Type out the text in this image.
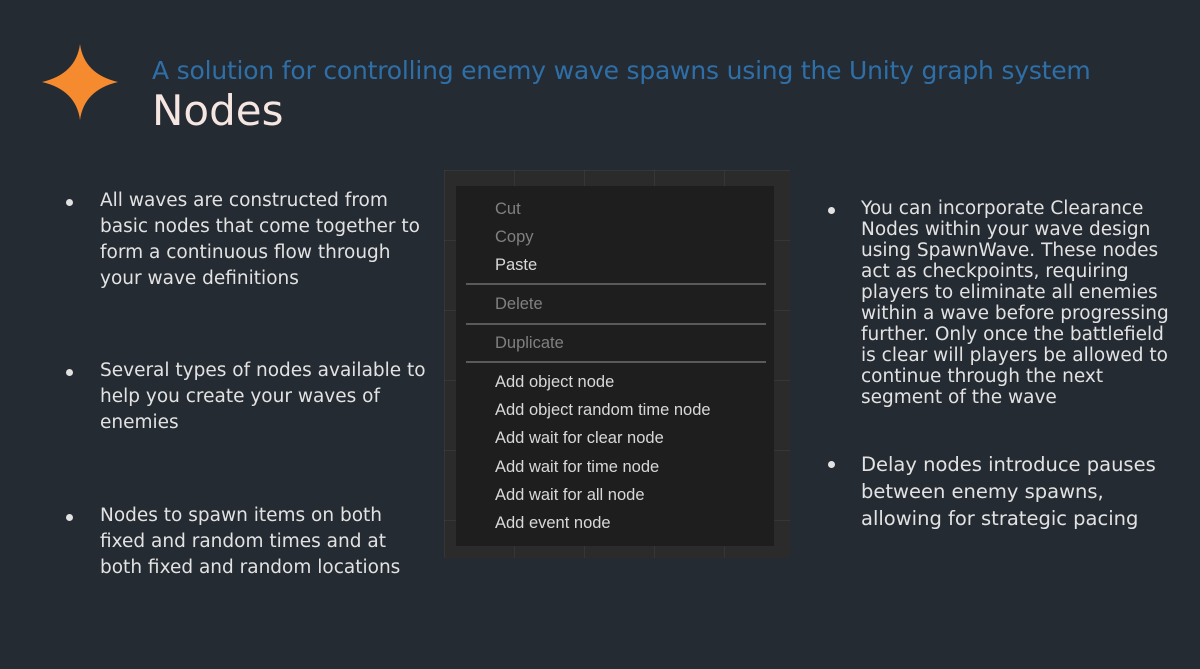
A solution for controlling enemy wave spawns using the Unity graph system
Nodes
All waves are constructed from basic nodes that come together to form a continuous flow through your wave definitions
Several types of nodes available to help you create your waves of enemies
Nodes to spawn items on both fixed and random times and at both fixed and random locations
Cut
Copy
Paste
Delete
Duplicate
Add object node
Add object random time node
Add wait for clear node
Add wait for time node
Add wait for all node
Add event node
You can incorporate Clearance Nodes within your wave design using SpawnWave. These nodes act as checkpoints, requiring players to eliminate all enemies within a wave before progressing further. Only once the battlefield is clear will players be allowed to continue through the next segment of the wave
Delay nodes introduce pauses between enemy spawns, allowing for strategic pacing
